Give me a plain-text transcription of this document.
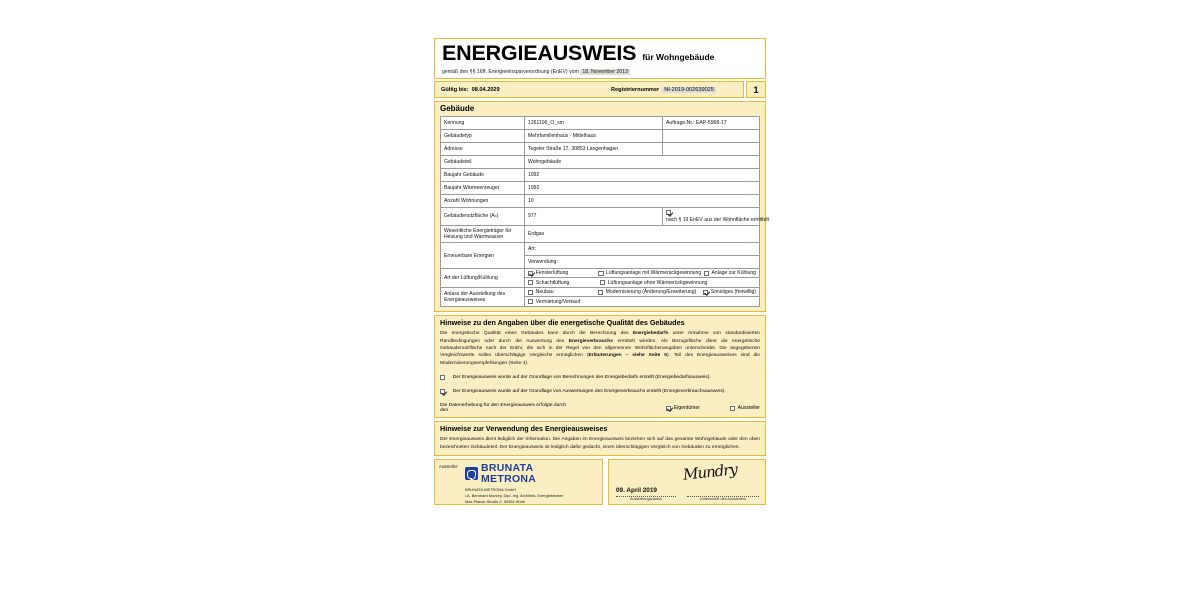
ENERGIEAUSWEIS für Wohngebäude
gemäß den §§ 16ff. Energieeinsparverordnung (EnEV) vom 18. November 2013
Gültig bis: 08.04.2029	Registriernummer NI-2019-002639025	1
Gebäude
Kennung	1261106_O_sm	Auftrags-Nr.: EAP-5968-17
Gebäudetyp	Mehrfamilienhaus - Mittelhaus	
Adresse	Tegeler Straße 17, 30853 Langenhagen	
Gebäudeteil	Wohngebäude	
Baujahr Gebäude	1992	
Baujahr Wärmeerzeuger	1992	
Anzahl Wohnungen	10	
Gebäudenutzfläche (Aₙ)	977	nach § 19 EnEV aus der Wohnfläche ermittelt
Wesentliche Energieträger für Heizung und Warmwasser	Erdgas	
Erneuerbare Energien	Art:	
	Verwendung:	
Art der Lüftung/Kühlung	Fensterlüftung Lüftungsanlage mit Wärmerückgewinnung Anlage zur Kühlung
Schachtlüftung Lüftungsanlage ohne Wärmerückgewinnung	

Anlass der Ausstellung des Energieausweises	Neubau Modernisierung (Änderung/Erweiterung) Sonstiges (freiwillig)
Vermietung/Verkauf	
Hinweise zu den Angaben über die energetische Qualität des Gebäudes
Die energetische Qualität eines Gebäudes kann durch die Berechnung des Energiebedarfs unter Annahme von standardisierten Randbedingungen oder durch die Auswertung des Energieverbrauchs ermittelt werden. Als Bezugsfläche dient die energetische Gebäudenutzfläche nach der EnEV, die sich in der Regel von den allgemeinen Wohnflächenangaben unterscheidet. Die angegebenen Vergleichswerte sollen überschlägige Vergleiche ermöglichen (Erläuterungen – siehe Seite 5). Teil des Energieausweises sind die Modernisierungsempfehlungen (Seite 4).
Der Energieausweis wurde auf der Grundlage von Berechnungen des Energiebedarfs erstellt (Energiebedarfsausweis).
Der Energieausweis wurde auf der Grundlage von Auswertungen des Energieverbrauchs erstellt (Energieverbrauchsausweis).
Die Datenerhebung für den Energieausweis erfolgte durch den	Eigentümer	Aussteller
Hinweise zur Verwendung des Energieausweises
Der Energieausweis dient lediglich der Information. Die Angaben im Energieausweis beziehen sich auf das gesamte Wohngebäude oder den oben bezeichneten Gebäudeteil. Der Energieausweis ist lediglich dafür gedacht, einen überschlägigen Vergleich von Gebäuden zu ermöglichen.
Aussteller:	BRUNATA
METRONA
BRUNATA-METRONA GmbH
i.A. Bernhard Mundry, Dipl.-Ing. Architekt, Energieberater
Max-Planck-Straße 2, 50354 Hürth
Mundry
09. April 2019
Ausstellungsdatum	Unterschrift des Ausstellers
